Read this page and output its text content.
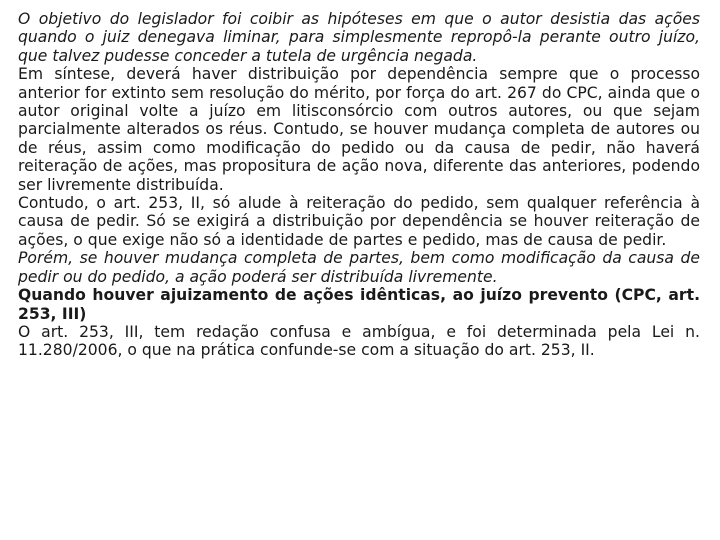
O objetivo do legislador foi coibir as hipóteses em que o autor desistia das ações quando o juiz denegava liminar, para simplesmente repropô-la perante outro juízo, que talvez pudesse conceder a tutela de urgência negada.

Em síntese, deverá haver distribuição por dependência sempre que o processo anterior for extinto sem resolução do mérito, por força do art. 267 do CPC, ainda que o autor original volte a juízo em litisconsórcio com outros autores, ou que sejam parcialmente alterados os réus. Contudo, se houver mudança completa de autores ou de réus, assim como modificação do pedido ou da causa de pedir, não haverá reiteração de ações, mas propositura de ação nova, diferente das anteriores, podendo ser livremente distribuída.

Contudo, o art. 253, II, só alude à reiteração do pedido, sem qualquer referência à causa de pedir. Só se exigirá a distribuição por dependência se houver reiteração de ações, o que exige não só a identidade de partes e pedido, mas de causa de pedir.

Porém, se houver mudança completa de partes, bem como modificação da causa de pedir ou do pedido, a ação poderá ser distribuída livremente.

Quando houver ajuizamento de ações idênticas, ao juízo prevento (CPC, art. 253, III)

O art. 253, III, tem redação confusa e ambígua, e foi determinada pela Lei n. 11.280/2006, o que na prática confunde-se com a situação do art. 253, II.
